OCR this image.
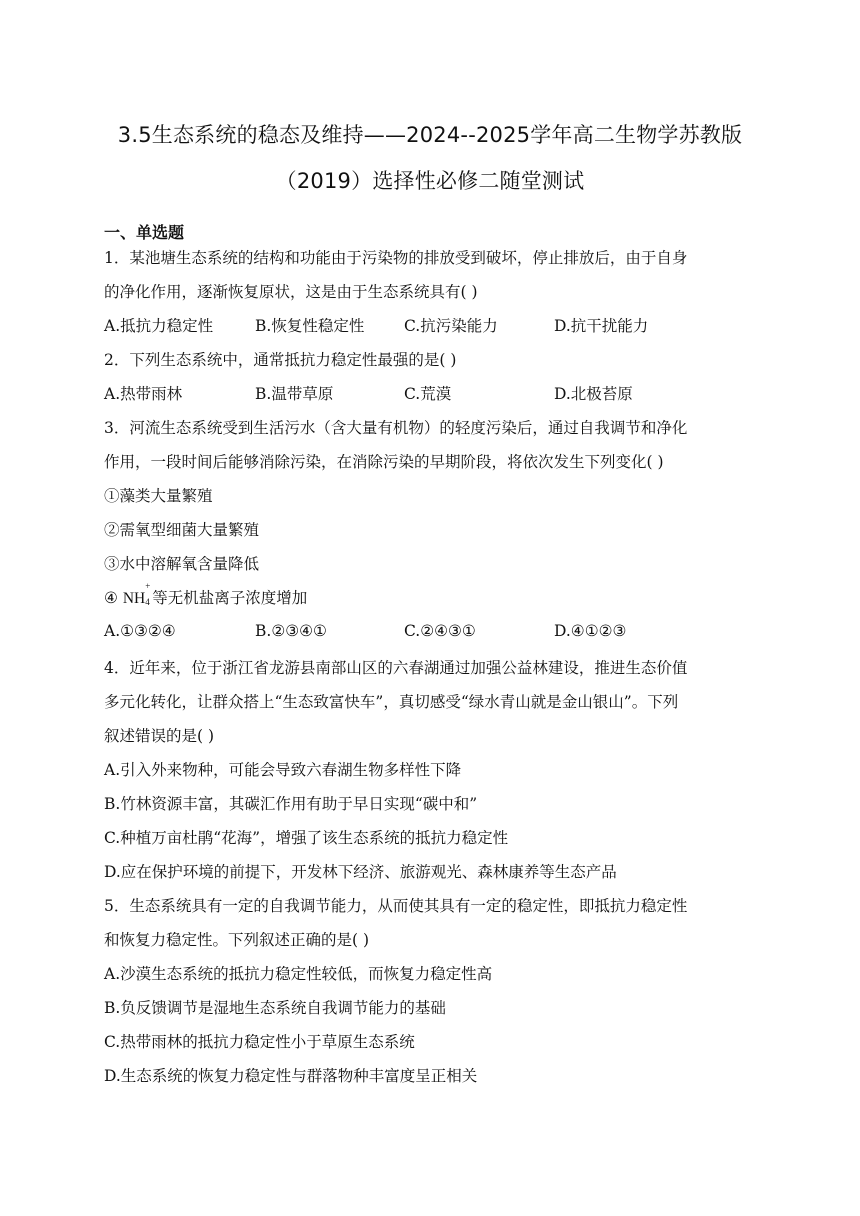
3.5生态系统的稳态及维持——2024--2025学年高二生物学苏教版
（2019）选择性必修二随堂测试
一、单选题
1．某池塘生态系统的结构和功能由于污染物的排放受到破坏，停止排放后，由于自身
的净化作用，逐渐恢复原状，这是由于生态系统具有( )
A.抵抗力稳定性	B.恢复性稳定性	C.抗污染能力	D.抗干扰能力
2．下列生态系统中，通常抵抗力稳定性最强的是( )
A.热带雨林	B.温带草原	C.荒漠	D.北极苔原
3．河流生态系统受到生活污水（含大量有机物）的轻度污染后，通过自我调节和净化
作用，一段时间后能够消除污染，在消除污染的早期阶段，将依次发生下列变化( )
①藻类大量繁殖
②需氧型细菌大量繁殖
③水中溶解氧含量降低
④ NH
+
4 等无机盐离子浓度增加
A.①③②④	B.②③④①	C.②④③①	D.④①②③
4．近年来，位于浙江省龙游县南部山区的六春湖通过加强公益林建设，推进生态价值
多元化转化，让群众搭上“生态致富快车”，真切感受“绿水青山就是金山银山”。下列
叙述错误的是( )
A.引入外来物种，可能会导致六春湖生物多样性下降
B.竹林资源丰富，其碳汇作用有助于早日实现“碳中和”
C.种植万亩杜鹃“花海”，增强了该生态系统的抵抗力稳定性
D.应在保护环境的前提下，开发林下经济、旅游观光、森林康养等生态产品
5．生态系统具有一定的自我调节能力，从而使其具有一定的稳定性，即抵抗力稳定性
和恢复力稳定性。下列叙述正确的是( )
A.沙漠生态系统的抵抗力稳定性较低，而恢复力稳定性高
B.负反馈调节是湿地生态系统自我调节能力的基础
C.热带雨林的抵抗力稳定性小于草原生态系统
D.生态系统的恢复力稳定性与群落物种丰富度呈正相关
